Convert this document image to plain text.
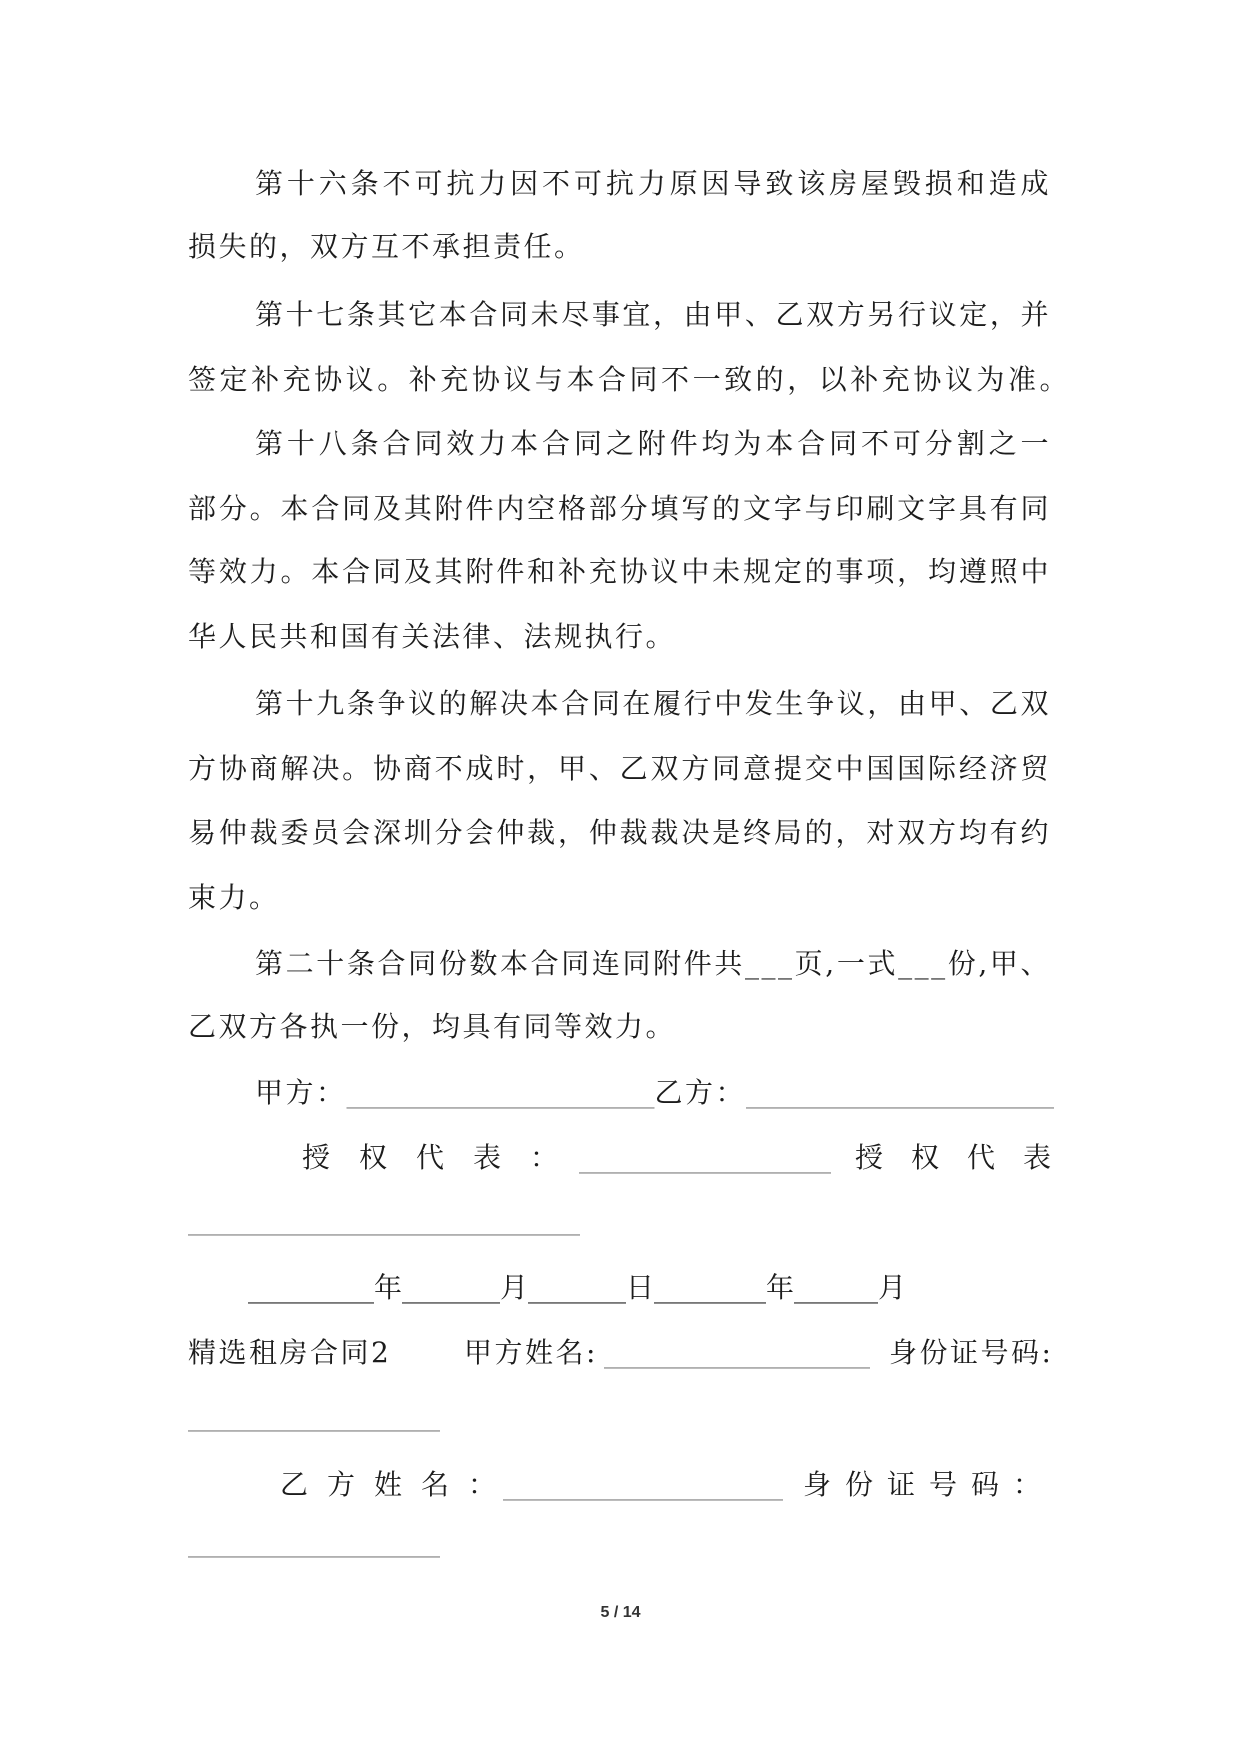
第十六条不可抗力因不可抗力原因导致该房屋毁损和造成
损失的，双方互不承担责任。
第十七条其它本合同未尽事宜，由甲、乙双方另行议定，并
签定补充协议。补充协议与本合同不一致的，以补充协议为准。
第十八条合同效力本合同之附件均为本合同不可分割之一
部分。本合同及其附件内空格部分填写的文字与印刷文字具有同
等效力。本合同及其附件和补充协议中未规定的事项，均遵照中
华人民共和国有关法律、法规执行。
第十九条争议的解决本合同在履行中发生争议，由甲、乙双
方协商解决。协商不成时，甲、乙双方同意提交中国国际经济贸
易仲裁委员会深圳分会仲裁，仲裁裁决是终局的，对双方均有约
束力。
第二十条合同份数本合同连同附件共___页,一式___份,甲、
乙双方各执一份，均具有同等效力。
甲方：______________________乙方：______________________
授权代表：
__________________ 授权代表
____________________________
_________年_______月_______日________年______月
精选租房合同2	甲方姓名: ___________________ 身份证号码:
__________________
乙方姓名：
____________________ 身份证号码：
__________________
5 / 14
